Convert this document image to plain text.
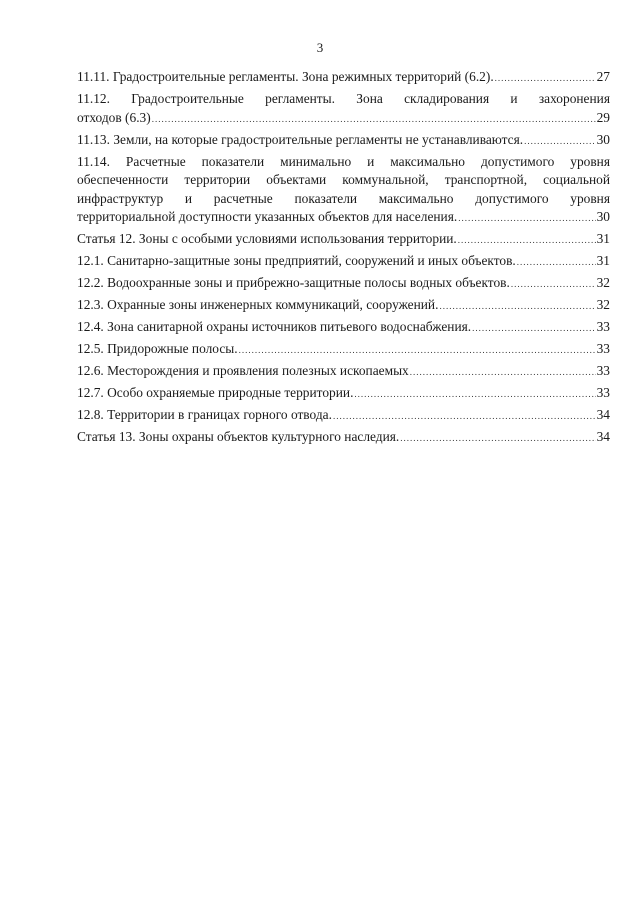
3
11.11. Градостроительные регламенты. Зона режимных территорий (6.2). .....	27
11.12. Градостроительные регламенты. Зона складирования и захоронения
отходов (6.3) .....	29
11.13. Земли, на которые градостроительные регламенты не устанавливаются. .....	30
11.14. Расчетные показатели минимально и максимально допустимого уровня
обеспеченности территории объектами коммунальной, транспортной, социальной
инфраструктур и расчетные показатели максимально допустимого уровня
территориальной доступности указанных объектов для населения. .....	30
Статья 12. Зоны с особыми условиями использования территории. .....	31
12.1. Санитарно-защитные зоны предприятий, сооружений и иных объектов. .....	31
12.2. Водоохранные зоны и прибрежно-защитные полосы водных объектов. .....	32
12.3. Охранные зоны инженерных коммуникаций, сооружений. .....	32
12.4. Зона санитарной охраны источников питьевого водоснабжения. .....	33
12.5. Придорожные полосы. .....	33
12.6. Месторождения и проявления полезных ископаемых .....	33
12.7. Особо охраняемые природные территории. .....	33
12.8. Территории в границах горного отвода. .....	34
Статья 13. Зоны охраны объектов культурного наследия. .....	34
